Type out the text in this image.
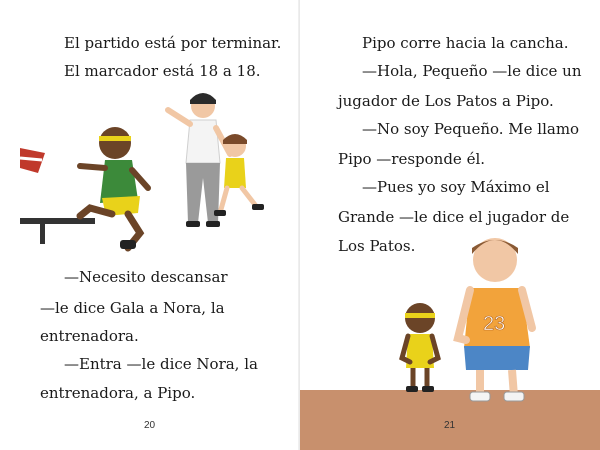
El partido está por terminar.
El marcador está 18 a 18.
—Necesito descansar
—le dice Gala a Nora, la
entrenadora.
—Entra —le dice Nora, la
entrenadora, a Pipo.
20
Pipo corre hacia la cancha.
—Hola, Pequeño —le dice un
jugador de Los Patos a Pipo.
—No soy Pequeño. Me llamo
Pipo —responde él.
—Pues yo soy Máximo el
Grande —le dice el jugador de
Los Patos.
23
21
